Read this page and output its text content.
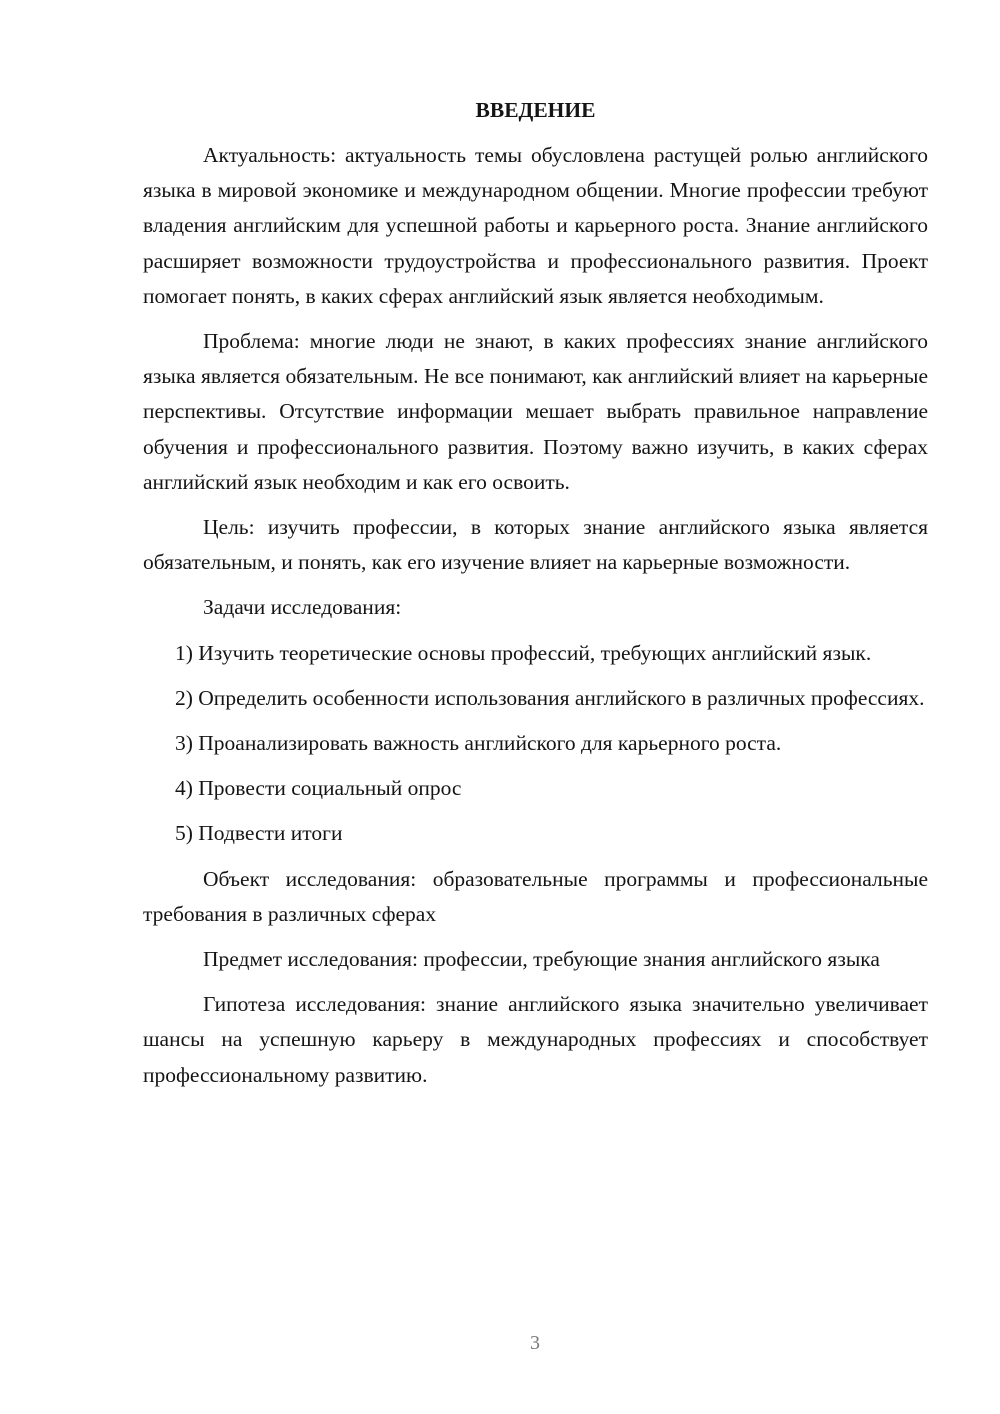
ВВЕДЕНИЕ

Актуальность: актуальность темы обусловлена растущей ролью английского языка в мировой экономике и международном общении. Многие профессии требуют владения английским для успешной работы и карьерного роста. Знание английского расширяет возможности трудоустройства и профессионального развития. Проект помогает понять, в каких сферах английский язык является необходимым.

Проблема: многие люди не знают, в каких профессиях знание английского языка является обязательным. Не все понимают, как английский влияет на карьерные перспективы. Отсутствие информации мешает выбрать правильное направление обучения и профессионального развития. Поэтому важно изучить, в каких сферах английский язык необходим и как его освоить.

Цель: изучить профессии, в которых знание английского языка является обязательным, и понять, как его изучение влияет на карьерные возможности.

Задачи исследования:

1) Изучить теоретические основы профессий, требующих английский язык.

2) Определить особенности использования английского в различных профессиях.

3) Проанализировать важность английского для карьерного роста.

4) Провести социальный опрос

5) Подвести итоги

Объект исследования: образовательные программы и профессиональные требования в различных сферах

Предмет исследования: профессии, требующие знания английского языка

Гипотеза исследования: знание английского языка значительно увеличивает шансы на успешную карьеру в международных профессиях и способствует профессиональному развитию.

3
